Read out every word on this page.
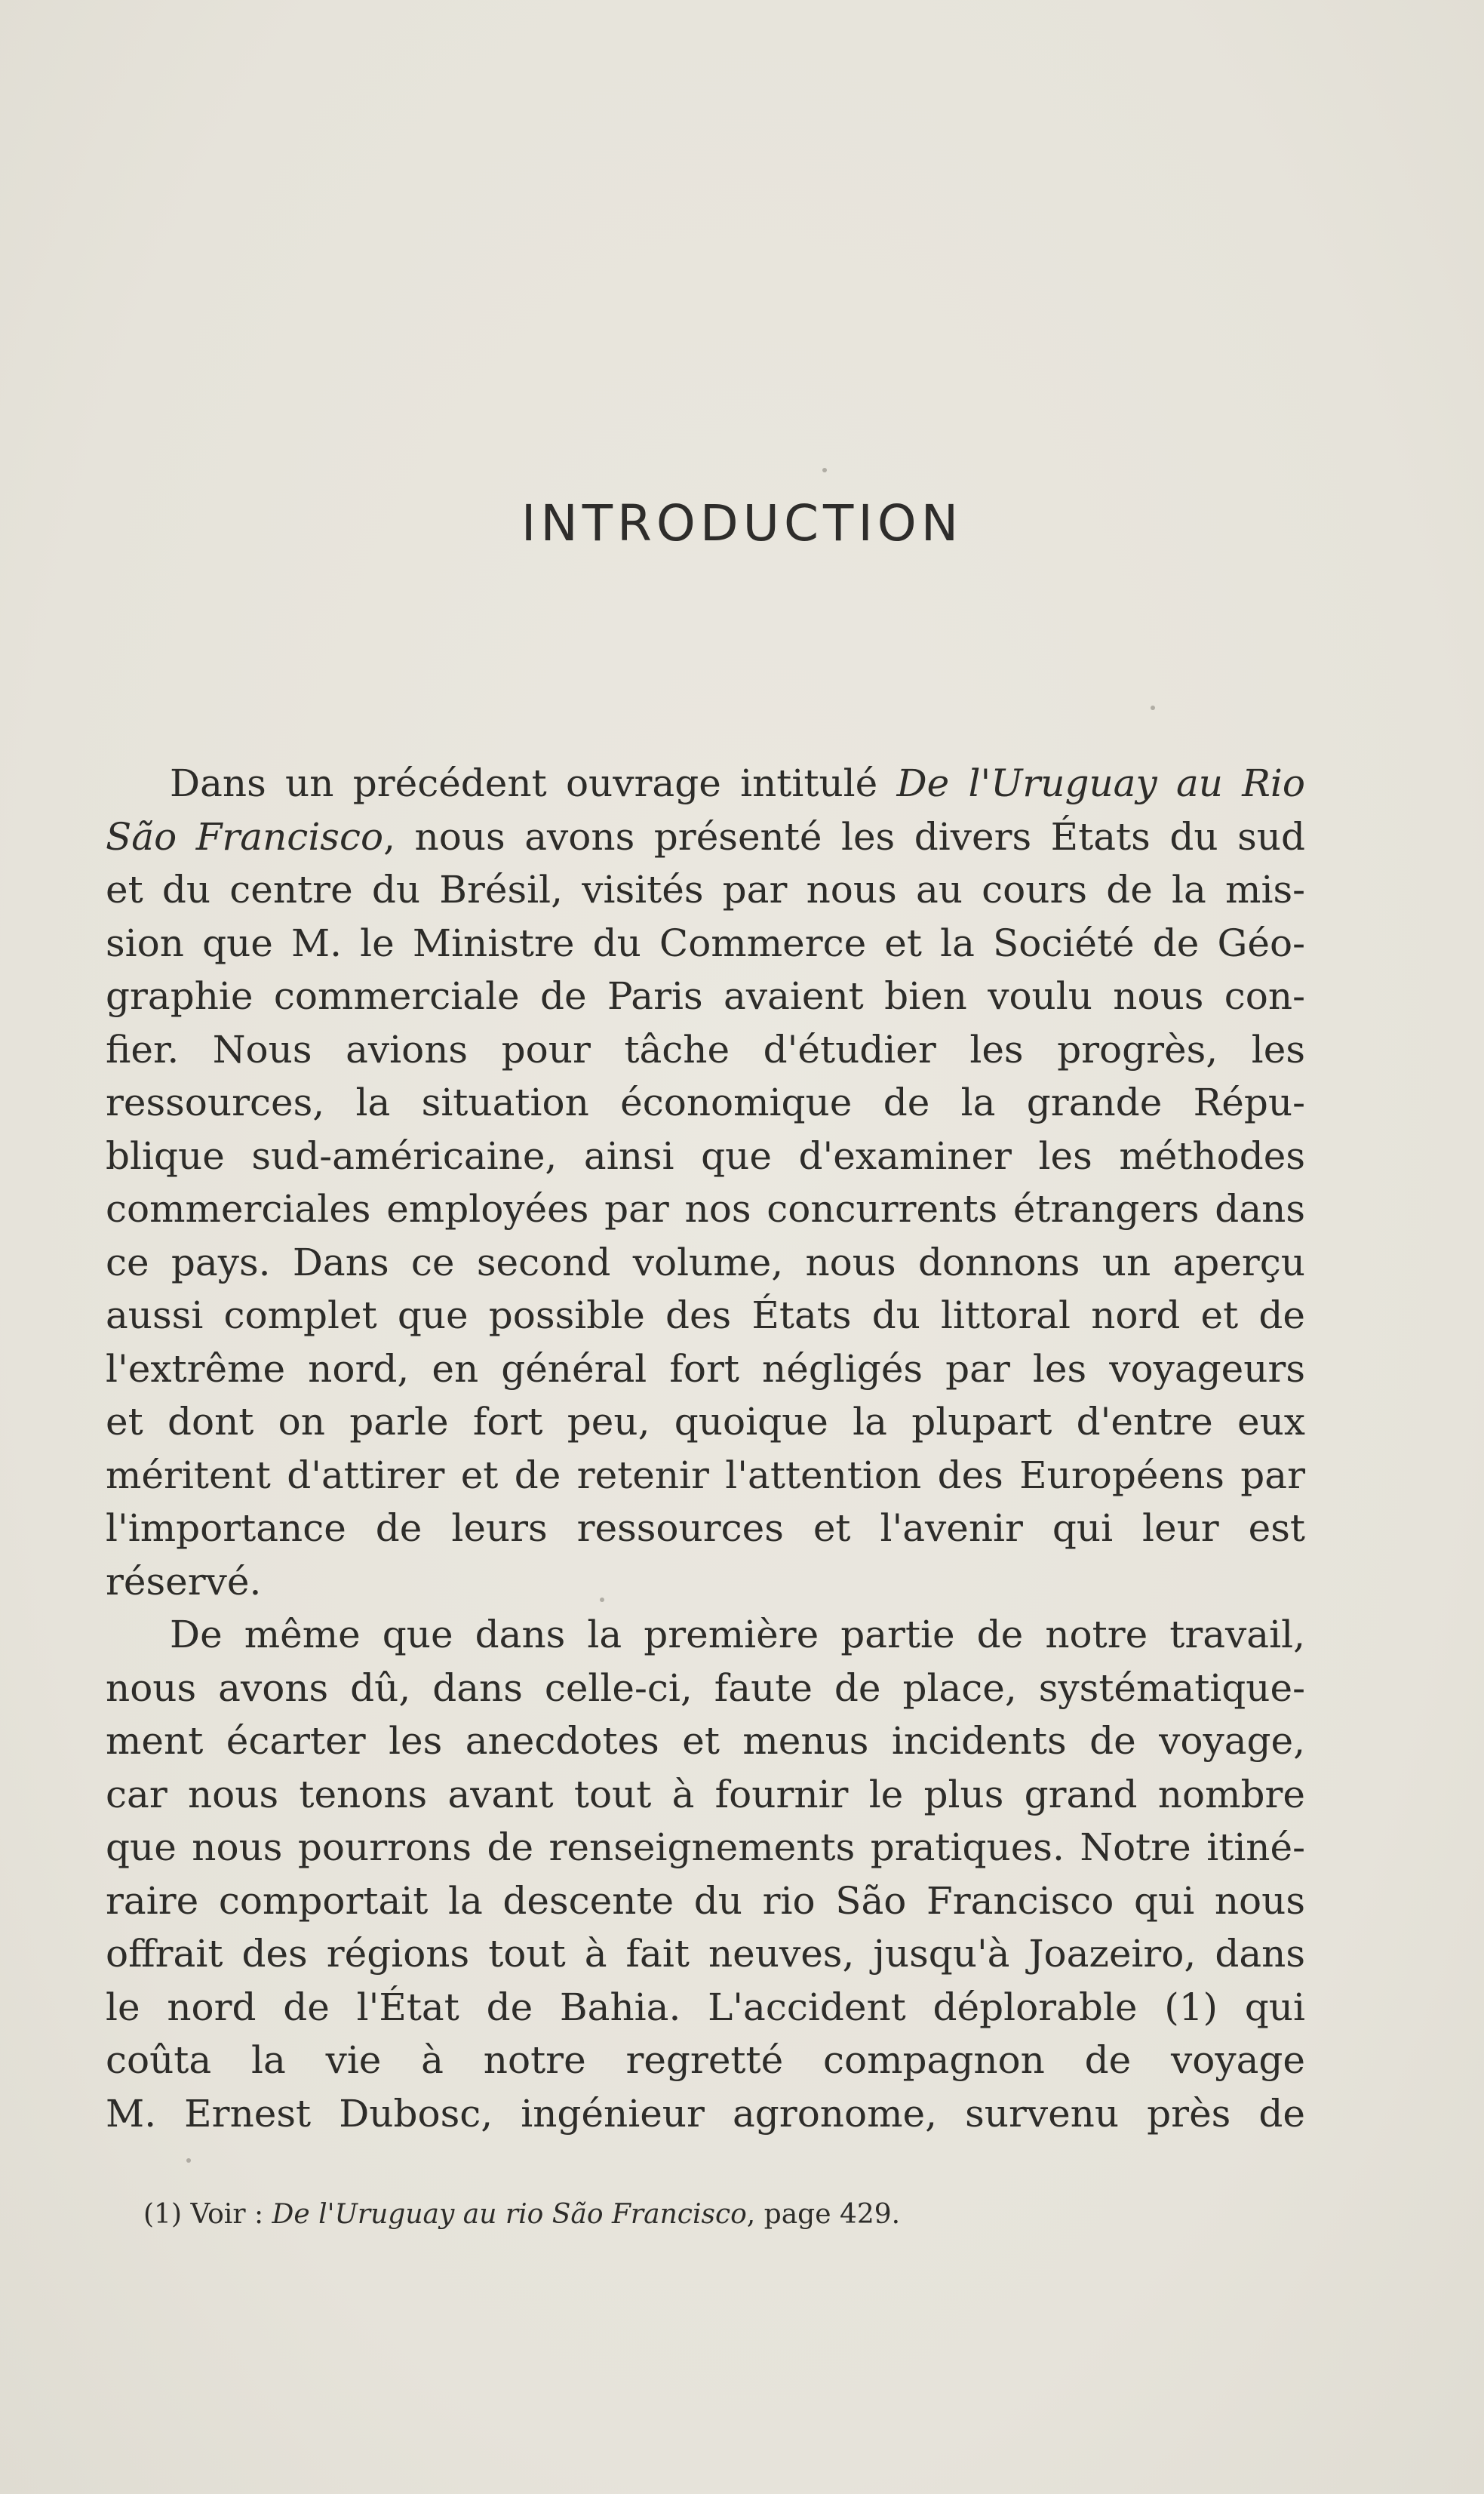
INTRODUCTION
Dans un précédent ouvrage intitulé De l'Uruguay au Rio
São Francisco, nous avons présenté les divers États du sud
et du centre du Brésil, visités par nous au cours de la mis-
sion que M. le Ministre du Commerce et la Société de Géo-
graphie commerciale de Paris avaient bien voulu nous con-
fier. Nous avions pour tâche d'étudier les progrès, les
ressources, la situation économique de la grande Répu-
blique sud-américaine, ainsi que d'examiner les méthodes
commerciales employées par nos concurrents étrangers dans
ce pays. Dans ce second volume, nous donnons un aperçu
aussi complet que possible des États du littoral nord et de
l'extrême nord, en général fort négligés par les voyageurs
et dont on parle fort peu, quoique la plupart d'entre eux
méritent d'attirer et de retenir l'attention des Européens par
l'importance de leurs ressources et l'avenir qui leur est
réservé.
De même que dans la première partie de notre travail,
nous avons dû, dans celle-ci, faute de place, systématique-
ment écarter les anecdotes et menus incidents de voyage,
car nous tenons avant tout à fournir le plus grand nombre
que nous pourrons de renseignements pratiques. Notre itiné-
raire comportait la descente du rio São Francisco qui nous
offrait des régions tout à fait neuves, jusqu'à Joazeiro, dans
le nord de l'État de Bahia. L'accident déplorable (1) qui
coûta la vie à notre regretté compagnon de voyage
M. Ernest Dubosc, ingénieur agronome, survenu près de
(1) Voir : De l'Uruguay au rio São Francisco, page 429.
